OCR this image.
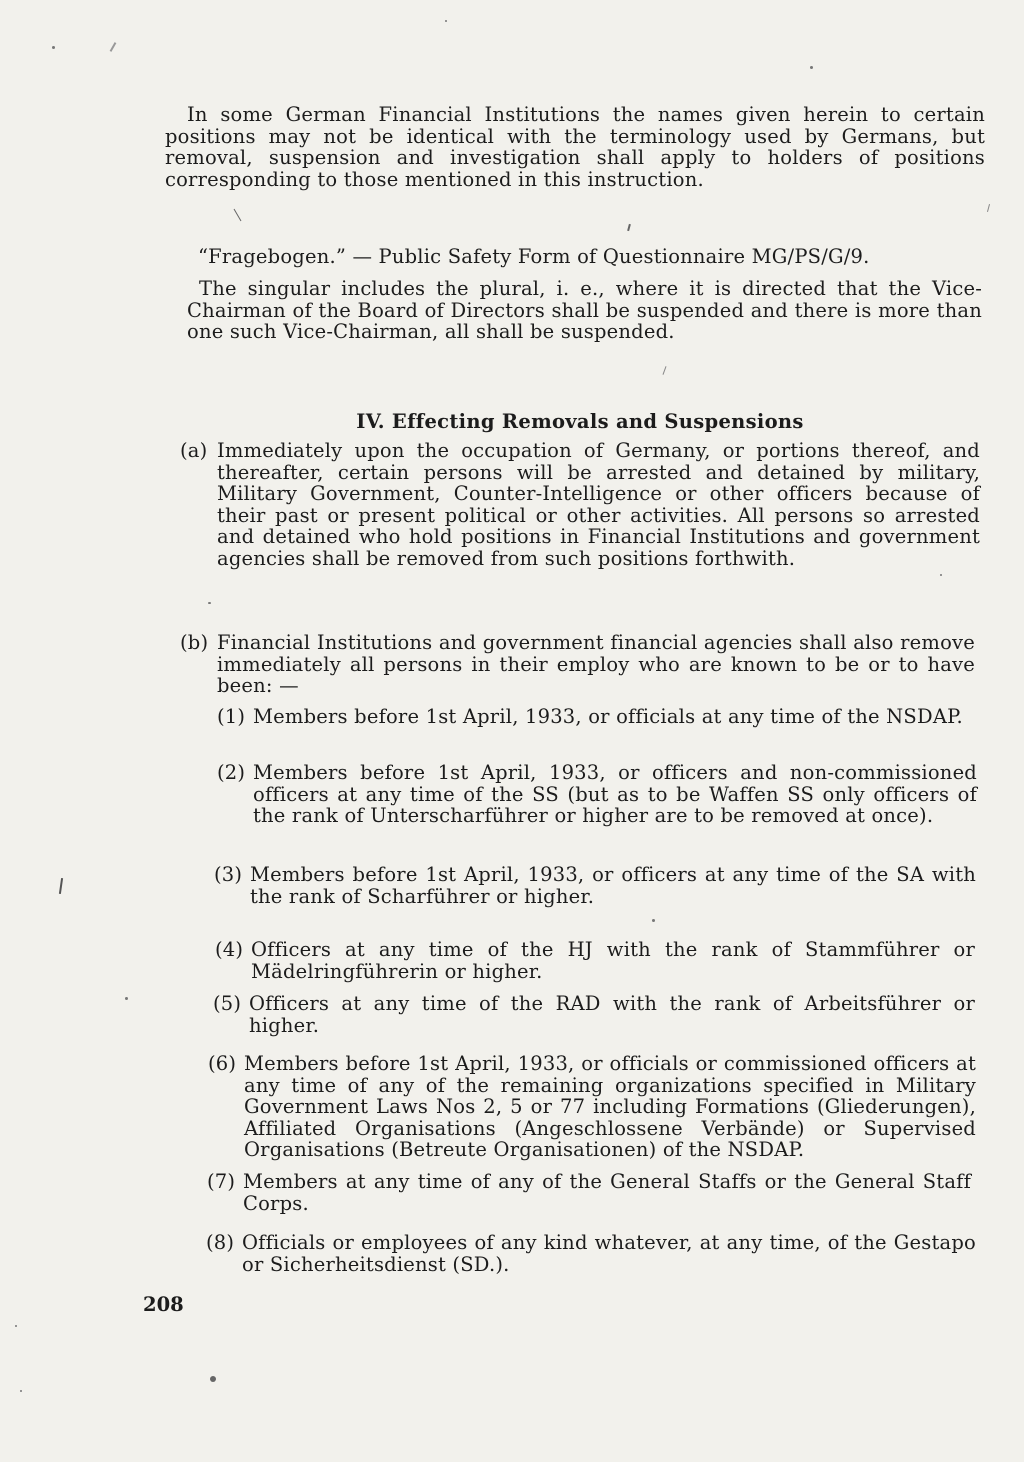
In some German Financial Institutions the names given herein to certain positions may not be identical with the terminology used by Germans, but removal, suspension and investigation shall apply to holders of positions corresponding to those mentioned in this instruction.

“Fragebogen.” — Public Safety Form of Questionnaire MG/PS/G/9.

The singular includes the plural, i. e., where it is directed that the Vice-Chairman of the Board of Directors shall be suspended and there is more than one such Vice-Chairman, all shall be suspended.

IV. Effecting Removals and Suspensions
(a) Immediately upon the occupation of Germany, or portions thereof, and thereafter, certain persons will be arrested and detained by military, Military Government, Counter-Intelligence or other officers because of their past or present political or other activities. All persons so arrested and detained who hold positions in Financial Institutions and government agencies shall be removed from such positions forthwith.
(b) Financial Institutions and government financial agencies shall also remove immediately all persons in their employ who are known to be or to have been: —
(1) Members before 1st April, 1933, or officials at any time of the NSDAP.
(2) Members before 1st April, 1933, or officers and non-commissioned officers at any time of the SS (but as to be Waffen SS only officers of the rank of Unterscharführer or higher are to be removed at once).
(3) Members before 1st April, 1933, or officers at any time of the SA with the rank of Scharführer or higher.
(4) Officers at any time of the HJ with the rank of Stammführer or Mädelringführerin or higher.
(5) Officers at any time of the RAD with the rank of Arbeitsführer or higher.
(6) Members before 1st April, 1933, or officials or commissioned officers at any time of any of the remaining organizations specified in Military Government Laws Nos 2, 5 or 77 including Formations (Gliederungen), Affiliated Organisations (Angeschlossene Verbände) or Supervised Organisations (Betreute Organisationen) of the NSDAP.
(7) Members at any time of any of the General Staffs or the General Staff Corps.
(8) Officials or employees of any kind whatever, at any time, of the Gestapo or Sicherheitsdienst (SD.).
208
